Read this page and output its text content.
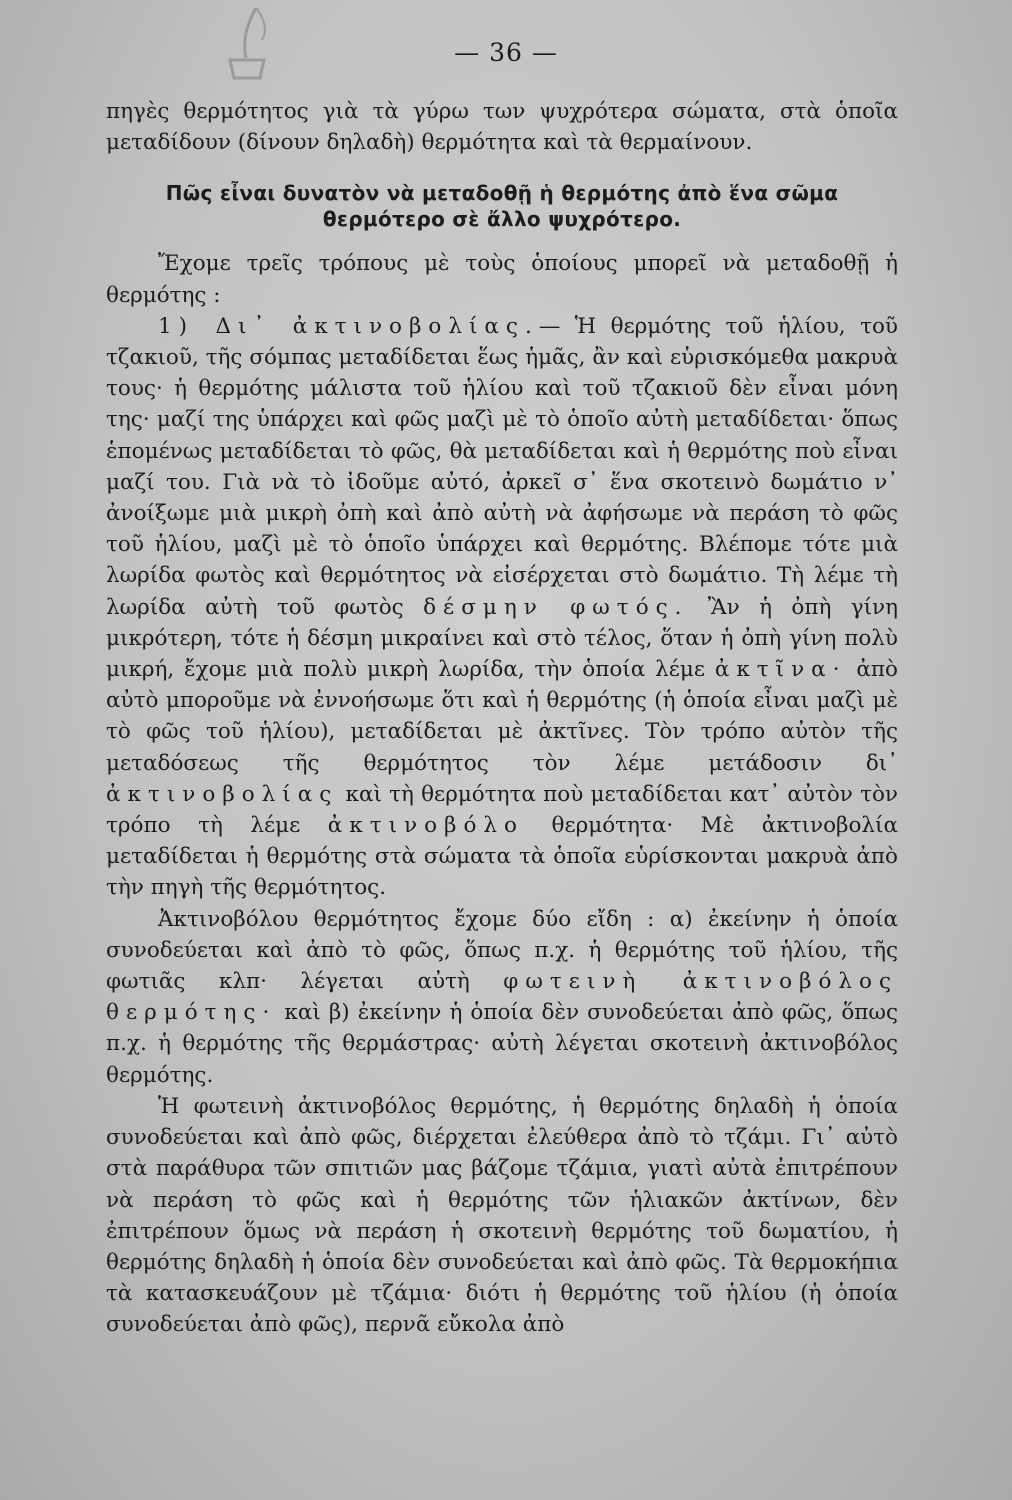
— 36 —

πηγὲς θερμότητος γιὰ τὰ γύρω των ψυχρότερα σώματα, στὰ ὁποῖα μεταδίδουν (δίνουν δηλαδὴ) θερμότητα καὶ τὰ θερμαίνουν.

Πῶς εἶναι δυνατὸν νὰ μεταδοθῇ ἡ θερμότης ἀπὸ ἕνα σῶμα θερμότερο σὲ ἄλλο ψυχρότερο.

Ἔχομε τρεῖς τρόπους μὲ τοὺς ὁποίους μπορεῖ νὰ μεταδοθῇ ἡ θερμότης :

1) Δι᾿ ἀκτινοβολίας.— Ἡ θερμότης τοῦ ἡλίου, τοῦ τζακιοῦ, τῆς σόμπας μεταδίδεται ἕως ἡμᾶς, ἂν καὶ εὑρισκόμεθα μακρυὰ τους· ἡ θερμότης μάλιστα τοῦ ἡλίου καὶ τοῦ τζακιοῦ δὲν εἶναι μόνη της· μαζί της ὑπάρχει καὶ φῶς μαζὶ μὲ τὸ ὁποῖο αὐτὴ μεταδίδεται· ὅπως ἑπομένως μεταδίδεται τὸ φῶς, θὰ μεταδίδεται καὶ ἡ θερμότης ποὺ εἶναι μαζί του. Γιὰ νὰ τὸ ἰδοῦμε αὐτό, ἀρκεῖ σ᾿ ἕνα σκοτεινὸ δωμάτιο ν᾿ ἀνοίξωμε μιὰ μικρὴ ὀπὴ καὶ ἀπὸ αὐτὴ νὰ ἀφήσωμε νὰ περάση τὸ φῶς τοῦ ἡλίου, μαζὶ μὲ τὸ ὁποῖο ὑπάρχει καὶ θερμότης. Βλέπομε τότε μιὰ λωρίδα φωτὸς καὶ θερμότητος νὰ εἰσέρχεται στὸ δωμάτιο. Τὴ λέμε τὴ λωρίδα αὐτὴ τοῦ φωτὸς δέσμην φωτός. Ἂν ἡ ὀπὴ γίνη μικρότερη, τότε ἡ δέσμη μικραίνει καὶ στὸ τέλος, ὅταν ἡ ὀπὴ γίνη πολὺ μικρή, ἔχομε μιὰ πολὺ μικρὴ λωρίδα, τὴν ὁποία λέμε ἀκτῖνα· ἀπὸ αὐτὸ μποροῦμε νὰ ἐννοήσωμε ὅτι καὶ ἡ θερμότης (ἡ ὁποία εἶναι μαζὶ μὲ τὸ φῶς τοῦ ἡλίου), μεταδίδεται μὲ ἀκτῖνες. Τὸν τρόπο αὐτὸν τῆς μεταδόσεως τῆς θερμότητος τὸν λέμε μετάδοσιν δι᾿ ἀκτινοβολίας καὶ τὴ θερμότητα ποὺ μεταδίδεται κατ᾿ αὐτὸν τὸν τρόπο τὴ λέμε ἀκτινοβόλο θερμότητα· Μὲ ἀκτινοβολία μεταδίδεται ἡ θερμότης στὰ σώματα τὰ ὁποῖα εὑρίσκονται μακρυὰ ἀπὸ τὴν πηγὴ τῆς θερμότητος.

Ἀκτινοβόλου θερμότητος ἔχομε δύο εἴδη : α) ἐκείνην ἡ ὁποία συνοδεύεται καὶ ἀπὸ τὸ φῶς, ὅπως π.χ. ἡ θερμότης τοῦ ἡλίου, τῆς φωτιᾶς κλπ· λέγεται αὐτὴ φωτεινὴ ἀκτινοβόλος θερμότης· καὶ β) ἐκείνην ἡ ὁποία δὲν συνοδεύεται ἀπὸ φῶς, ὅπως π.χ. ἡ θερμότης τῆς θερμάστρας· αὐτὴ λέγεται σκοτεινὴ ἀκτινοβόλος θερμότης.

Ἡ φωτεινὴ ἀκτινοβόλος θερμότης, ἡ θερμότης δηλαδὴ ἡ ὁποία συνοδεύεται καὶ ἀπὸ φῶς, διέρχεται ἐλεύθερα ἀπὸ τὸ τζάμι. Γι᾿ αὐτὸ στὰ παράθυρα τῶν σπιτιῶν μας βάζομε τζάμια, γιατὶ αὐτὰ ἐπιτρέπουν νὰ περάση τὸ φῶς καὶ ἡ θερμότης τῶν ἡλιακῶν ἀκτίνων, δὲν ἐπιτρέπουν ὅμως νὰ περάση ἡ σκοτεινὴ θερμότης τοῦ δωματίου, ἡ θερμότης δηλαδὴ ἡ ὁποία δὲν συνοδεύεται καὶ ἀπὸ φῶς. Τὰ θερμοκήπια τὰ κατασκευάζουν μὲ τζάμια· διότι ἡ θερμότης τοῦ ἡλίου (ἡ ὁποία συνοδεύεται ἀπὸ φῶς), περνᾶ εὔκολα ἀπὸ
